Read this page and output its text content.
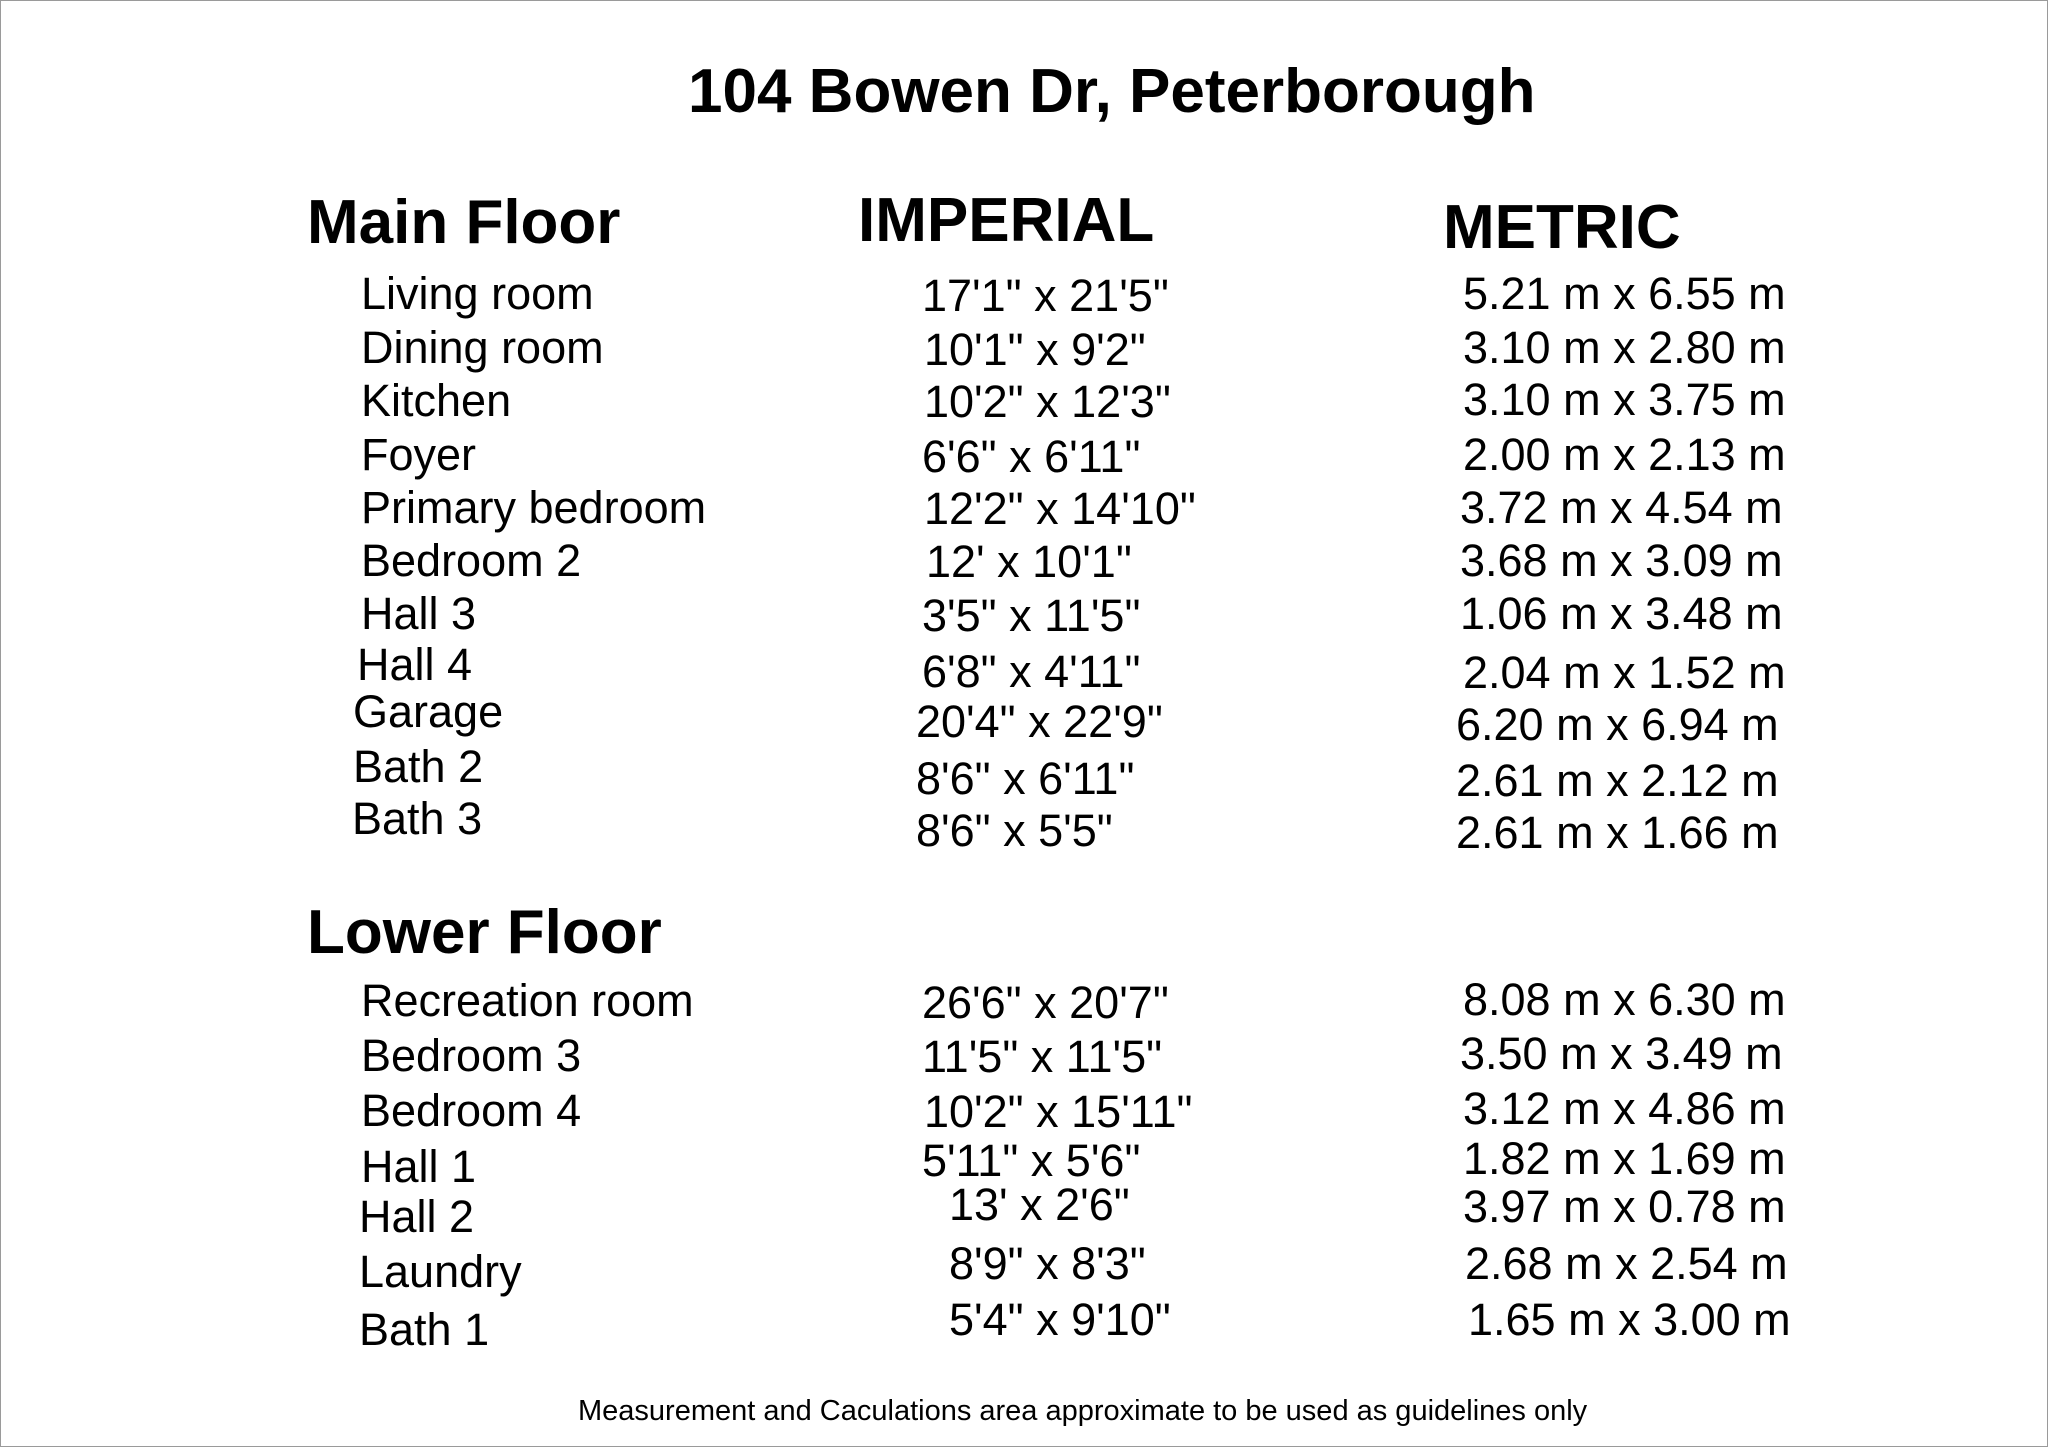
104 Bowen Dr, Peterborough
Main Floor	IMPERIAL	METRIC
Living room	17'1" x 21'5"	5.21 m x 6.55 m
Dining room	10'1" x 9'2"	3.10 m x 2.80 m
Kitchen	10'2" x 12'3"	3.10 m x 3.75 m
Foyer	6'6" x 6'11"	2.00 m x 2.13 m
Primary bedroom	12'2" x 14'10"	3.72 m x 4.54 m
Bedroom 2	12' x 10'1"	3.68 m x 3.09 m
Hall 3	3'5" x 11'5"	1.06 m x 3.48 m
Hall 4	6'8" x 4'11"	2.04 m x 1.52 m
Garage	20'4" x 22'9"	6.20 m x 6.94 m
Bath 2	8'6" x 6'11"	2.61 m x 2.12 m
Bath 3	8'6" x 5'5"	2.61 m x 1.66 m
Lower Floor
Recreation room	26'6" x 20'7"	8.08 m x 6.30 m
Bedroom 3	11'5" x 11'5"	3.50 m x 3.49 m
Bedroom 4	10'2" x 15'11"	3.12 m x 4.86 m
Hall 1	5'11" x 5'6"	1.82 m x 1.69 m
Hall 2	13' x 2'6"	3.97 m x 0.78 m
Laundry	8'9" x 8'3"	2.68 m x 2.54 m
Bath 1	5'4" x 9'10"	1.65 m x 3.00 m
Measurement and Caculations area approximate to be used as guidelines only
